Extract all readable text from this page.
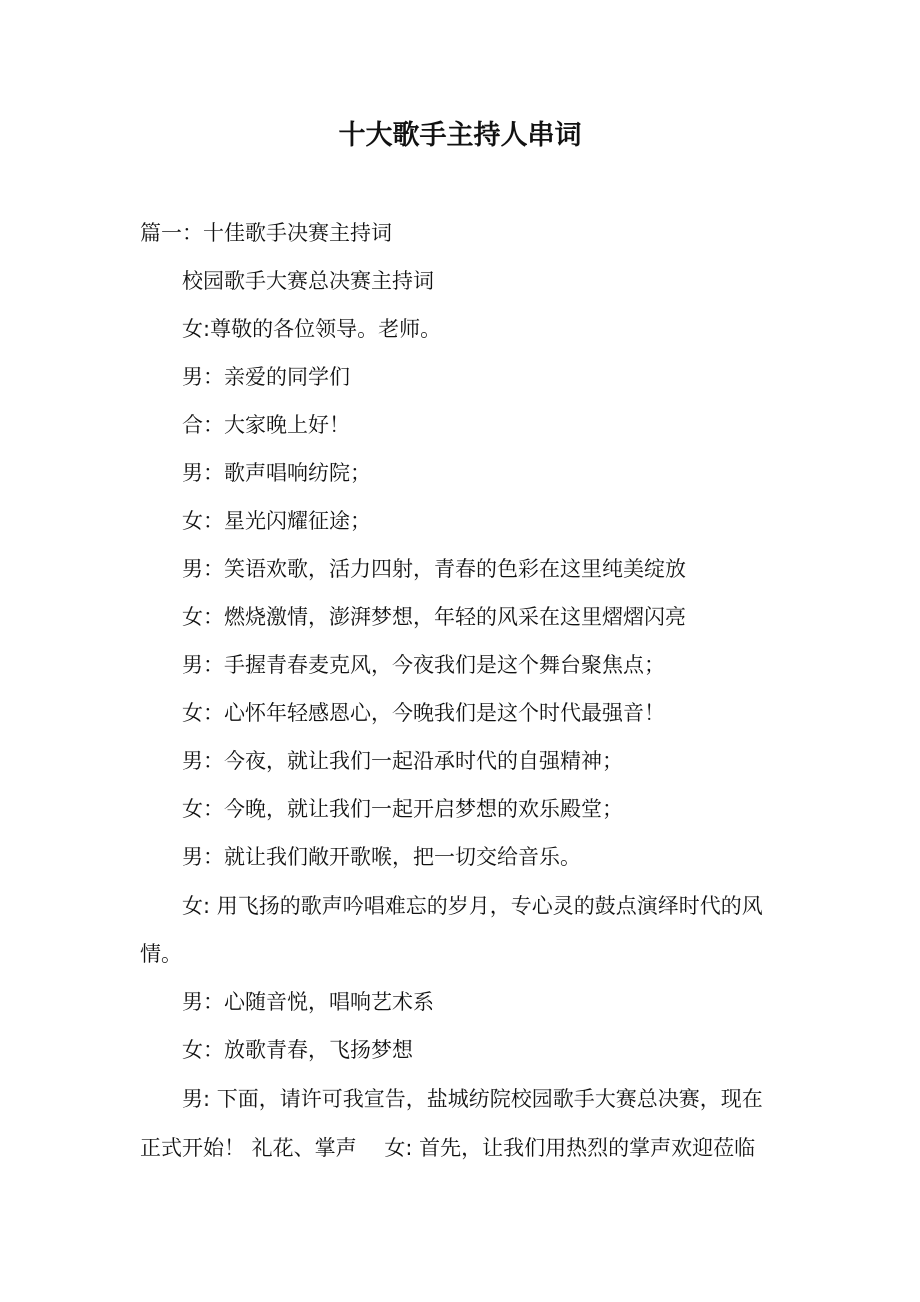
十大歌手主持人串词
篇一：十佳歌手决赛主持词
校园歌手大赛总决赛主持词
女:尊敬的各位领导。老师。
男：亲爱的同学们
合：大家晚上好！
男：歌声唱响纺院；
女：星光闪耀征途；
男：笑语欢歌，活力四射，青春的色彩在这里纯美绽放
女：燃烧激情，澎湃梦想，年轻的风采在这里熠熠闪亮
男：手握青春麦克风，今夜我们是这个舞台聚焦点；
女：心怀年轻感恩心，今晚我们是这个时代最强音！
男：今夜，就让我们一起沿承时代的自强精神；
女：今晚，就让我们一起开启梦想的欢乐殿堂；
男：就让我们敞开歌喉，把一切交给音乐。
女: 用飞扬的歌声吟唱难忘的岁月，专心灵的鼓点演绎时代的风
情。
男：心随音悦，唱响艺术系
女：放歌青春，飞扬梦想
男: 下面，请许可我宣告，盐城纺院校园歌手大赛总决赛，现在
正式开始！ 礼花、掌声　 女: 首先，让我们用热烈的掌声欢迎莅临
